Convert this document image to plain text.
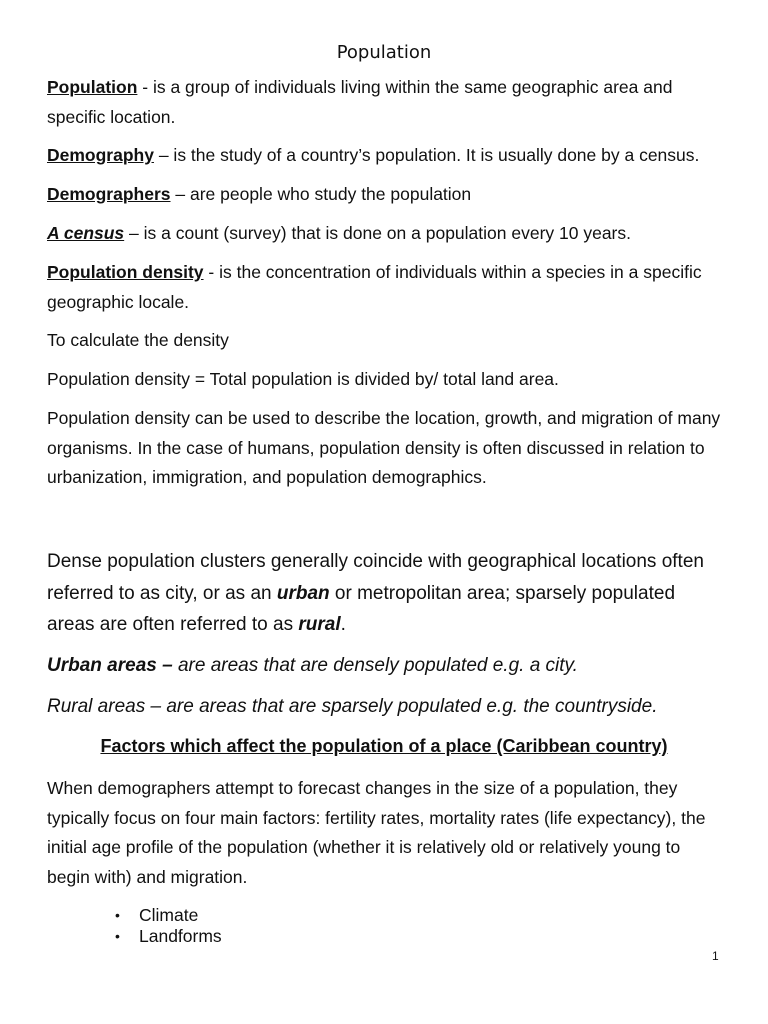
Population

Population - is a group of individuals living within the same geographic area and specific location.

Demography – is the study of a country’s population. It is usually done by a census.

Demographers – are people who study the population

A census – is a count (survey) that is done on a population every 10 years.

Population density - is the concentration of individuals within a species in a specific geographic locale.

To calculate the density

Population density = Total population is divided by/ total land area.

Population density can be used to describe the location, growth, and migration of many organisms. In the case of humans, population density is often discussed in relation to urbanization, immigration, and population demographics.

Dense population clusters generally coincide with geographical locations often referred to as city, or as an urban or metropolitan area; sparsely populated areas are often referred to as rural.

Urban areas – are areas that are densely populated e.g. a city.

Rural areas – are areas that are sparsely populated e.g. the countryside.

Factors which affect the population of a place (Caribbean country)

When demographers attempt to forecast changes in the size of a population, they typically focus on four main factors: fertility rates, mortality rates (life expectancy), the initial age profile of the population (whether it is relatively old or relatively young to begin with) and migration.

• Climate
• Landforms
1
